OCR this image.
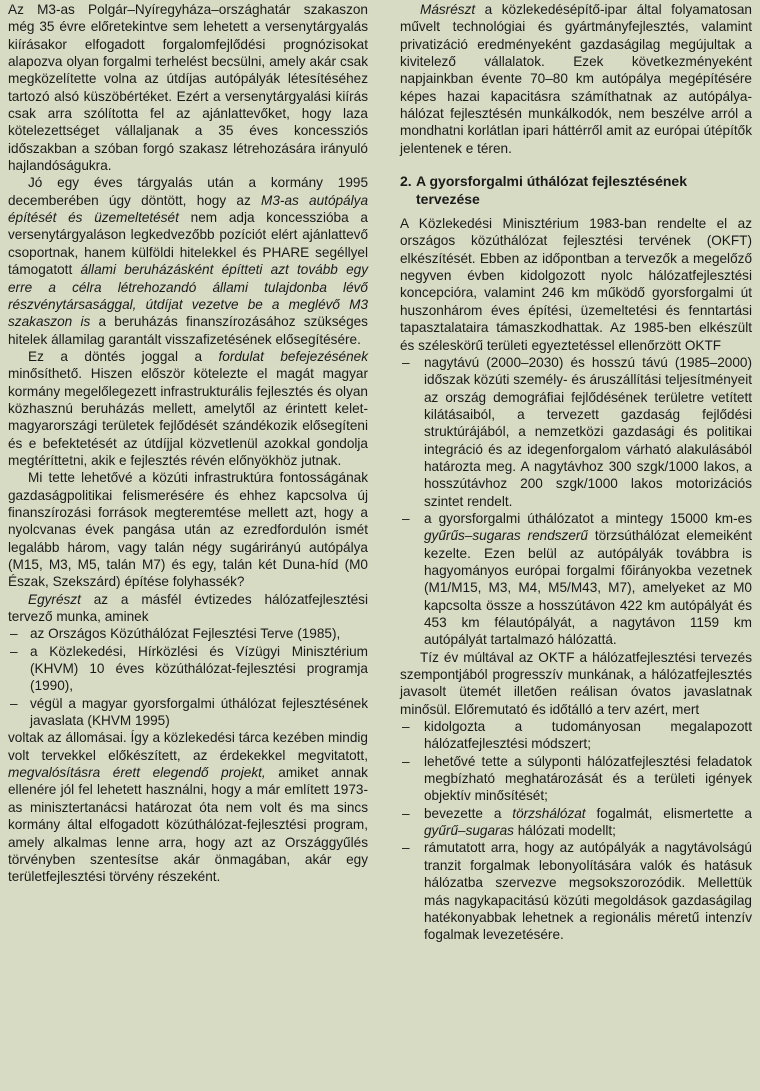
Az M3-as Polgár–Nyíregyháza–országhatár szakaszon még 35 évre előretekintve sem lehetett a versenytárgyalás kiírásakor elfogadott forgalomfejlődési prognózisokat alapozva olyan forgalmi terhelést becsülni, amely akár csak megközelítette volna az útdíjas autópályák létesítéséhez tartozó alsó küszöbértéket. Ezért a versenytárgyalási kiírás csak arra szólította fel az ajánlattevőket, hogy laza kötelezettséget vállaljanak a 35 éves koncessziós időszakban a szóban forgó szakasz létrehozására irányuló hajlandóságukra.

Jó egy éves tárgyalás után a kormány 1995 decemberében úgy döntött, hogy az M3-as autópálya építését és üzemeltetését nem adja koncesszióba a versenytárgyaláson legkedvezőbb pozíciót elért ajánlattevő csoportnak, hanem külföldi hitelekkel és PHARE segéllyel támogatott állami beruházásként építteti azt tovább egy erre a célra létrehozandó állami tulajdonba lévő részvénytársasággal, útdíjat vezetve be a meglévő M3 szakaszon is a beruházás finanszírozásához szükséges hitelek államilag garantált visszafizetésének elősegítésére.

Ez a döntés joggal a fordulat befejezésének minősíthető. Hiszen először kötelezte el magát magyar kormány megelőlegezett infrastrukturális fejlesztés és olyan közhasznú beruházás mellett, amelytől az érintett kelet-magyarországi területek fejlődését szándékozik elősegíteni és e befektetését az útdíjjal közvetlenül azokkal gondolja megtéríttetni, akik e fejlesztés révén előnyökhöz jutnak.

Mi tette lehetővé a közúti infrastruktúra fontosságának gazdaságpolitikai felismerésére és ehhez kapcsolva új finanszírozási források megteremtése mellett azt, hogy a nyolcvanas évek pangása után az ezredfordulón ismét legalább három, vagy talán négy sugárirányú autópálya (M15, M3, M5, talán M7) és egy, talán két Duna-híd (M0 Észak, Szekszárd) építése folyhassék?

Egyrészt az a másfél évtizedes hálózatfejlesztési tervező munka, aminek

– az Országos Közúthálózat Fejlesztési Terve (1985),
– a Közlekedési, Hírközlési és Vízügyi Minisztérium (KHVM) 10 éves közúthálózat-fejlesztési programja (1990),
– végül a magyar gyorsforgalmi úthálózat fejlesztésének javaslata (KHVM 1995)

voltak az állomásai. Így a közlekedési tárca kezében mindig volt tervekkel előkészített, az érdekekkel megvitatott, megvalósításra érett elegendő projekt, amiket annak ellenére jól fel lehetett használni, hogy a már említett 1973-as minisztertanácsi határozat óta nem volt és ma sincs kormány által elfogadott közúthálózat-fejlesztési program, amely alkalmas lenne arra, hogy azt az Országgyűlés törvényben szentesítse akár önmagában, akár egy területfejlesztési törvény részeként.

Másrészt a közlekedésépítő-ipar által folyamatosan művelt technológiai és gyártmányfejlesztés, valamint privatizáció eredményeként gazdaságilag megújultak a kivitelező vállalatok. Ezek következményeként napjainkban évente 70–80 km autópálya megépítésére képes hazai kapacitásra számíthatnak az autópálya-hálózat fejlesztésén munkálkodók, nem beszélve arról a mondhatni korlátlan ipari háttérről amit az európai útépítők jelentenek e téren.

2. A gyorsforgalmi úthálózat fejlesztésének tervezése

A Közlekedési Minisztérium 1983-ban rendelte el az országos közúthálózat fejlesztési tervének (OKFT) elkészítését. Ebben az időpontban a tervezők a megelőző negyven évben kidolgozott nyolc hálózatfejlesztési koncepcióra, valamint 246 km működő gyorsforgalmi út huszonhárom éves építési, üzemeltetési és fenntartási tapasztalataira támaszkodhattak. Az 1985-ben elkészült és széleskörű területi egyeztetéssel ellenőrzött OKTF

– nagytávú (2000–2030) és hosszú távú (1985–2000) időszak közúti személy- és áruszállítási teljesítményeit az ország demográfiai fejlődésének területre vetített kilátásaiból, a tervezett gazdaság fejlődési struktúrájából, a nemzetközi gazdasági és politikai integráció és az idegenforgalom várható alakulásából határozta meg. A nagytávhoz 300 szgk/1000 lakos, a hosszútávhoz 200 szgk/1000 lakos motorizációs szintet rendelt.
– a gyorsforgalmi úthálózatot a mintegy 15000 km-es gyűrűs–sugaras rendszerű törzsúthálózat elemeiként kezelte. Ezen belül az autópályák továbbra is hagyományos európai forgalmi főirányokba vezetnek (M1/M15, M3, M4, M5/M43, M7), amelyeket az M0 kapcsolta össze a hosszútávon 422 km autópályát és 453 km félautópályát, a nagytávon 1159 km autópályát tartalmazó hálózattá.

Tíz év múltával az OKTF a hálózatfejlesztési tervezés szempontjából progresszív munkának, a hálózatfejlesztés javasolt ütemét illetően reálisan óvatos javaslatnak minősül. Előremutató és időtálló a terv azért, mert

– kidolgozta a tudományosan megalapozott hálózatfejlesztési módszert;
– lehetővé tette a súlyponti hálózatfejlesztési feladatok megbízható meghatározását és a területi igények objektív minősítését;
– bevezette a törzshálózat fogalmát, elismertette a gyűrű–sugaras hálózati modellt;
– rámutatott arra, hogy az autópályák a nagytávolságú tranzit forgalmak lebonyolítására valók és hatásuk hálózatba szervezve megsokszorozódik. Mellettük más nagykapacitású közúti megoldások gazdaságilag hatékonyabbak lehetnek a regionális méretű intenzív fogalmak levezetésére.
